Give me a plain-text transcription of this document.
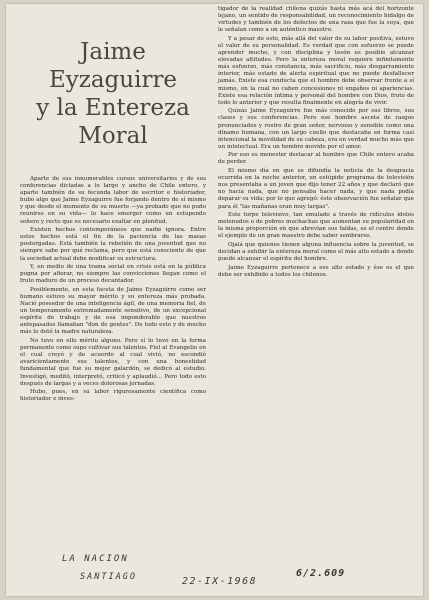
Jaime Eyzaguirre
y la Entereza
Moral

Aparte de sus innumerables cursos universitarios y de sus conferencias dictadas a lo largo y ancho de Chile entero, y aparte también de su fecunda labor de escritor e historiador, hubo algo que Jaime Eyzaguirre fue forjando dentro de sí mismo y que desde el momento de su muerte —ya probado que no pudo reunirse en su vida— lo hace emerger como un estupendo señero y recto que es necesario exaltar en plenitud.

Existen hechos contemporáneos que nadie ignora. Entre estos hechos está el fin de la paciencia de las masas postergadas. Está también la rebelión de una juventud que no siempre sabe por qué reclama, pero que está consciente de que la sociedad actual debe modificar su estructura.

Y, en medio de una trama social en crisis está en la pública pugna por afiorar, no siempre las convicciones llegan como el fruto maduro de un proceso decantador.

Posiblemente, en esta faceta de Jaime Eyzaguirre como ser humano estuvo su mayor mérito y su entereza más probada. Nació poseedor de una inteligencia ágil, de una memoria fiel, de un temperamento extremadamente sensitivo, de un excepcional espíritu de trabajo y de esa imponderable que nuestros antepasados llamaban "don de gentes". De todo esto y de mucho más lo dotó la madre naturaleza.

No tuvo en ello mérito alguno. Pero sí lo tuvo en la forma permanente como supo cultivar sus talentos. Fiel al Evangelio en el cual creyó y de acuerdo al cual vivió, no escondió avaricientamente sus talentos, y con una honestidad fundamental que fue su mejor galardón, se dedicó al estudio. Investigó, meditó, interpretó, criticó y aplaudió... Pero todo esto después de largas y a veces dolorosas jornadas.

Hubo, pues, en su labor rigurosamente científica como historiador e inves-

tigador de la realidad chilena quizás hasta más acá del horizonte lejano, un sentido de responsabilidad, un reconocimiento hidalgo de virtudes y también de los defectos de una raza que fue la suya, que le señalan como a un auténtico maestro.

Y a pesar de esto, más allá del valor de su labor positiva, estuvo el valor de su personalidad. Es verdad que con esfuerzo se puede aprender mucho, y con disciplina y tesón es posible alcanzar elevadas altitudes. Pero la entereza moral requiere infinitamente más esfuerzo, más constancia, más sacrificio, más desgarramiento interior, más estado de alerta espiritual que no puede desfallecer jamás. Existe esa conducta que el hombre debe observar frente a sí mismo, en la cual no caben concesiones ni engaños ni apariencias. Existe esa relación íntima y personal del hombre con Dios, fruto de todo lo anterior y que resulta finalmente en alegría de vivir.

Quizás Jaime Eyzaguirre fue más conocido por sus libros, sus clases y sus conferencias. Pero ese hombre asceta de rasgos pronunciados y rostro de gran señor, nervioso y sensible como una dínamo humana, con un largo cuello que destacaba en forma casi intencional la movilidad de su cabeza, era en verdad mucho más que un intelectual. Era un hombre movido por el amor.

Por eso es menester destacar al hombre que Chile entero acaba de perder.

El mismo día en que se difundía la noticia de la desgracia ocurrida en la noche anterior, un estúpido programa de televisión nos presentaba a un joven que dijo tener 22 años y que declaró que no hacía nada, que no pensaba hacer nada, y que nada podía deparar su vida; por lo que agregó: éste observación fue señalar que para él "las mañanas eran muy largas".

Este torpe televisivo, tan emulado a través de ridículos ídolos melenudos o de pobres muchachas que aumentan su popularidad en la misma proporción en que abrevian sus faldas, es el centro donde el ejemplo de un gran maestro debe saber sembrarse.

Ojalá que quienes tienen alguna influencia sobre la juventud, se decidan a exhibir la entereza moral como el más alto estado a donde puede alcanzar el espíritu del hombre.

Jaime Eyzaguirre pertenece a ese alto estado y ése es el que debe ser exhibido a todos los chilenos.

LA NACION
SANTIAGO	22-IX-1968
6/2.609
